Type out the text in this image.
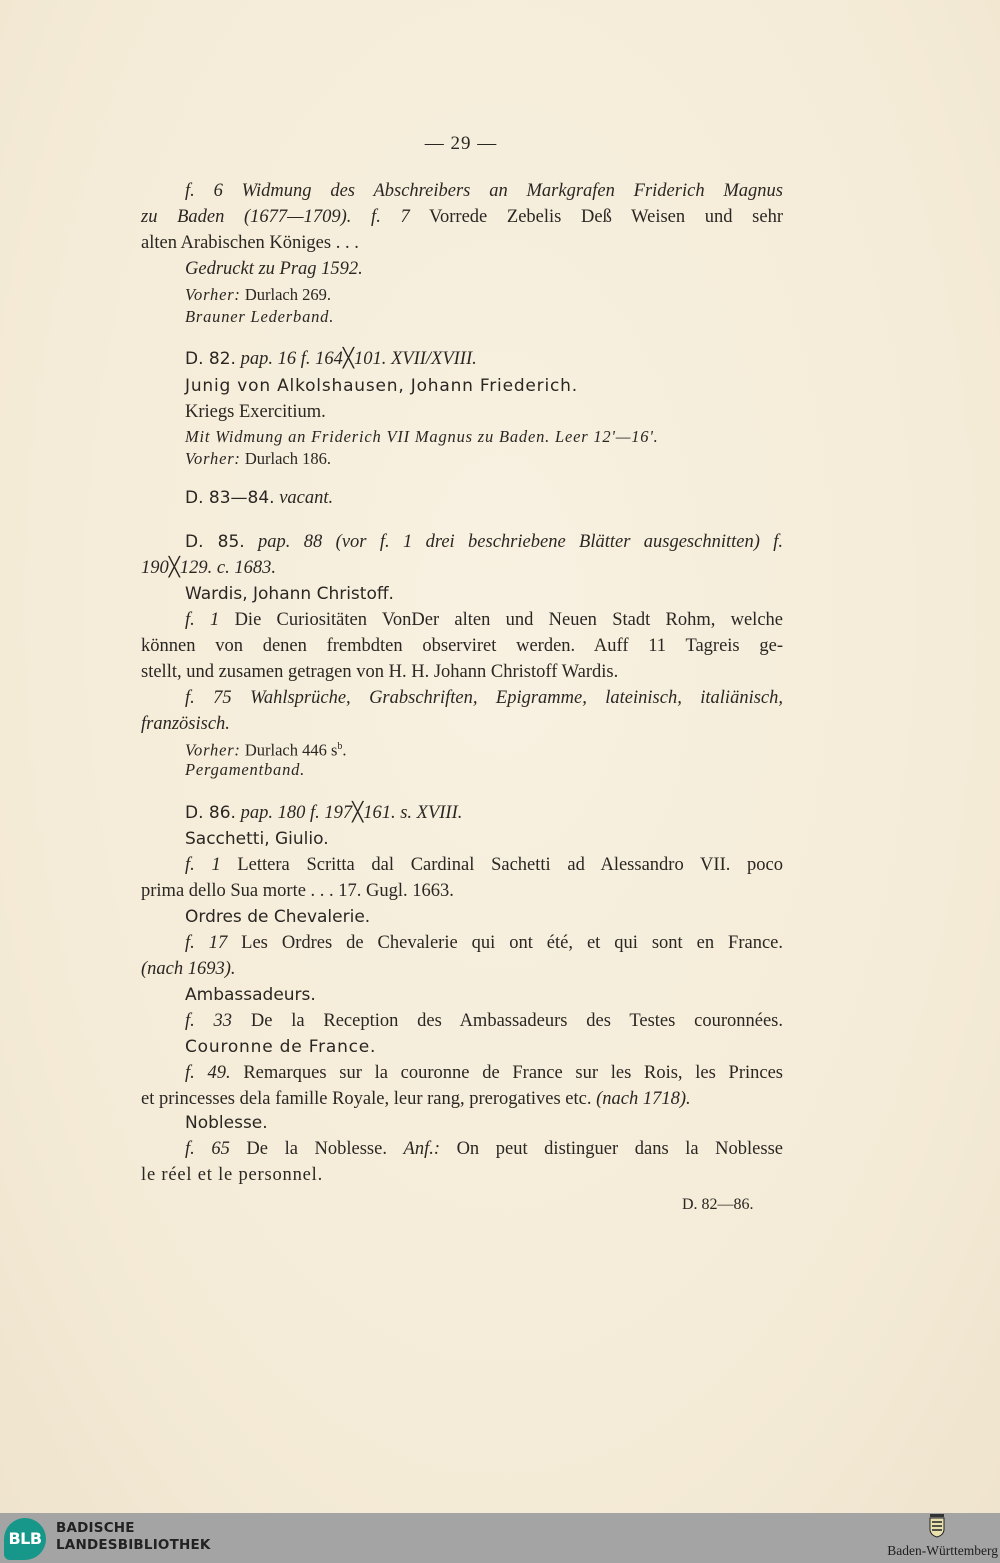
— 29 —
f. 6 Widmung des Abschreibers an Markgrafen Friderich Magnus
zu Baden (1677—1709). f. 7 Vorrede Zebelis Deß Weisen und sehr
alten Arabischen Königes . . .
Gedruckt zu Prag 1592.
Vorher: Durlach 269.
Brauner Lederband.
D. 82. pap. 16 f. 164╳101. XVII/XVIII.
Junig von Alkolshausen, Johann Friederich.
Kriegs Exercitium.
Mit Widmung an Friderich VII Magnus zu Baden. Leer 12'—16'.
Vorher: Durlach 186.
D. 83—84. vacant.
D. 85. pap. 88 (vor f. 1 drei beschriebene Blätter ausgeschnitten) f.
190╳129. c. 1683.
Wardis, Johann Christoff.
f. 1 Die Curiositäten VonDer alten und Neuen Stadt Rohm, welche
können von denen frembdten observiret werden. Auff 11 Tagreis ge-
stellt, und zusamen getragen von H. H. Johann Christoff Wardis.
f. 75 Wahlsprüche, Grabschriften, Epigramme, lateinisch, italiänisch,
französisch.
Vorher: Durlach 446 $s^b$.
Pergamentband.
D. 86. pap. 180 f. 197╳161. s. XVIII.
Sacchetti, Giulio.
f. 1 Lettera Scritta dal Cardinal Sachetti ad Alessandro VII. poco
prima dello Sua morte . . . 17. Gugl. 1663.
Ordres de Chevalerie.
f. 17 Les Ordres de Chevalerie qui ont été, et qui sont en France.
(nach 1693).
Ambassadeurs.
f. 33 De la Reception des Ambassadeurs des Testes couronnées.
Couronne de France.
f. 49. Remarques sur la couronne de France sur les Rois, les Princes
et princesses dela famille Royale, leur rang, prerogatives etc. (nach 1718).
Noblesse.
f. 65 De la Noblesse. Anf.: On peut distinguer dans la Noblesse
le réel et le personnel.
D. 82—86.
BLB
BADISCHE
LANDESBIBLIOTHEK	Baden-Württemberg
